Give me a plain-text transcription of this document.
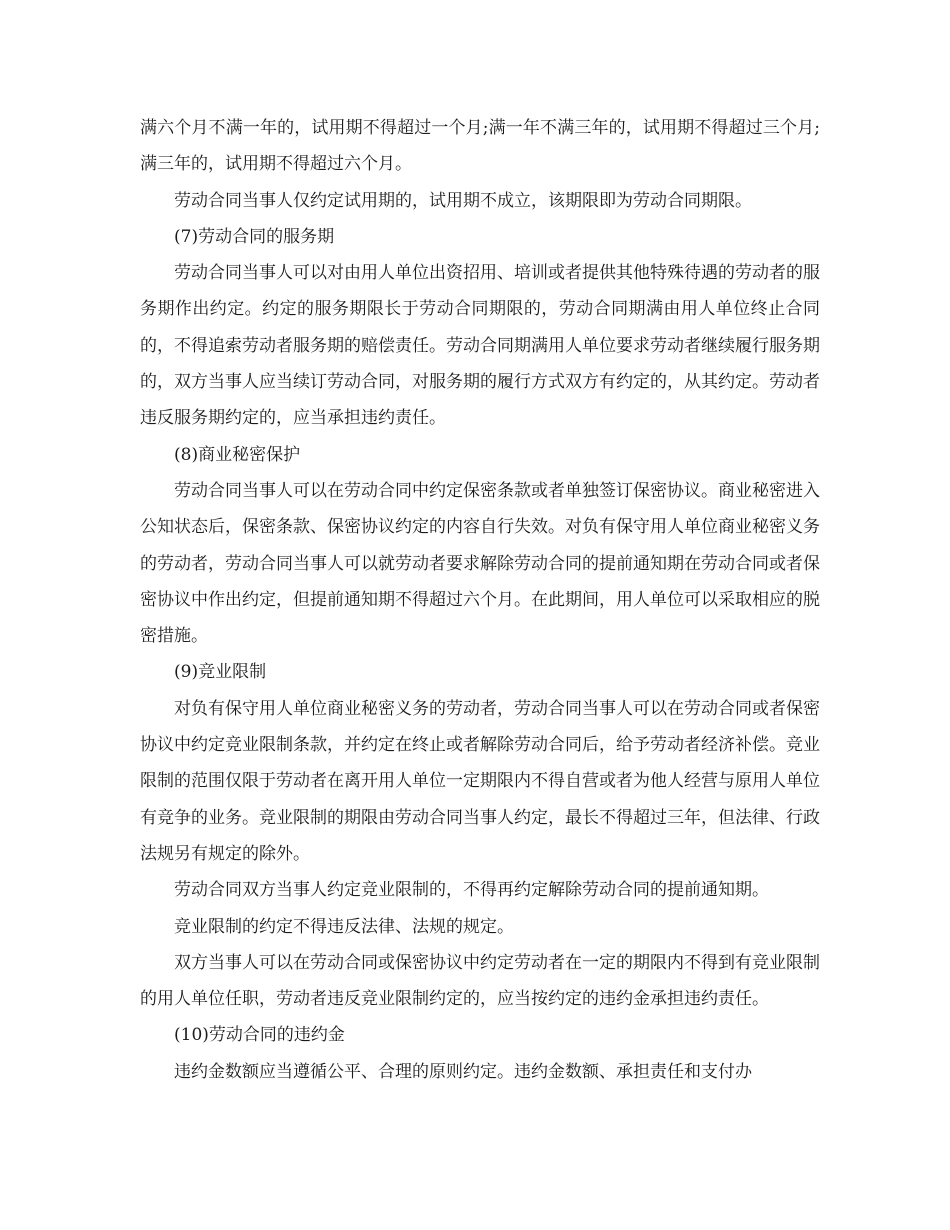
满六个月不满一年的，试用期不得超过一个月;满一年不满三年的，试用期不得超过三个月;满三年的，试用期不得超过六个月。

劳动合同当事人仅约定试用期的，试用期不成立，该期限即为劳动合同期限。

(7)劳动合同的服务期

劳动合同当事人可以对由用人单位出资招用、培训或者提供其他特殊待遇的劳动者的服务期作出约定。约定的服务期限长于劳动合同期限的，劳动合同期满由用人单位终止合同的，不得追索劳动者服务期的赔偿责任。劳动合同期满用人单位要求劳动者继续履行服务期的，双方当事人应当续订劳动合同，对服务期的履行方式双方有约定的，从其约定。劳动者违反服务期约定的，应当承担违约责任。

(8)商业秘密保护

劳动合同当事人可以在劳动合同中约定保密条款或者单独签订保密协议。商业秘密进入公知状态后，保密条款、保密协议约定的内容自行失效。对负有保守用人单位商业秘密义务的劳动者，劳动合同当事人可以就劳动者要求解除劳动合同的提前通知期在劳动合同或者保密协议中作出约定，但提前通知期不得超过六个月。在此期间，用人单位可以采取相应的脱密措施。

(9)竞业限制

对负有保守用人单位商业秘密义务的劳动者，劳动合同当事人可以在劳动合同或者保密协议中约定竞业限制条款，并约定在终止或者解除劳动合同后，给予劳动者经济补偿。竞业限制的范围仅限于劳动者在离开用人单位一定期限内不得自营或者为他人经营与原用人单位有竞争的业务。竞业限制的期限由劳动合同当事人约定，最长不得超过三年，但法律、行政法规另有规定的除外。

劳动合同双方当事人约定竞业限制的，不得再约定解除劳动合同的提前通知期。

竞业限制的约定不得违反法律、法规的规定。

双方当事人可以在劳动合同或保密协议中约定劳动者在一定的期限内不得到有竞业限制的用人单位任职，劳动者违反竞业限制约定的，应当按约定的违约金承担违约责任。

(10)劳动合同的违约金

违约金数额应当遵循公平、合理的原则约定。违约金数额、承担责任和支付办
